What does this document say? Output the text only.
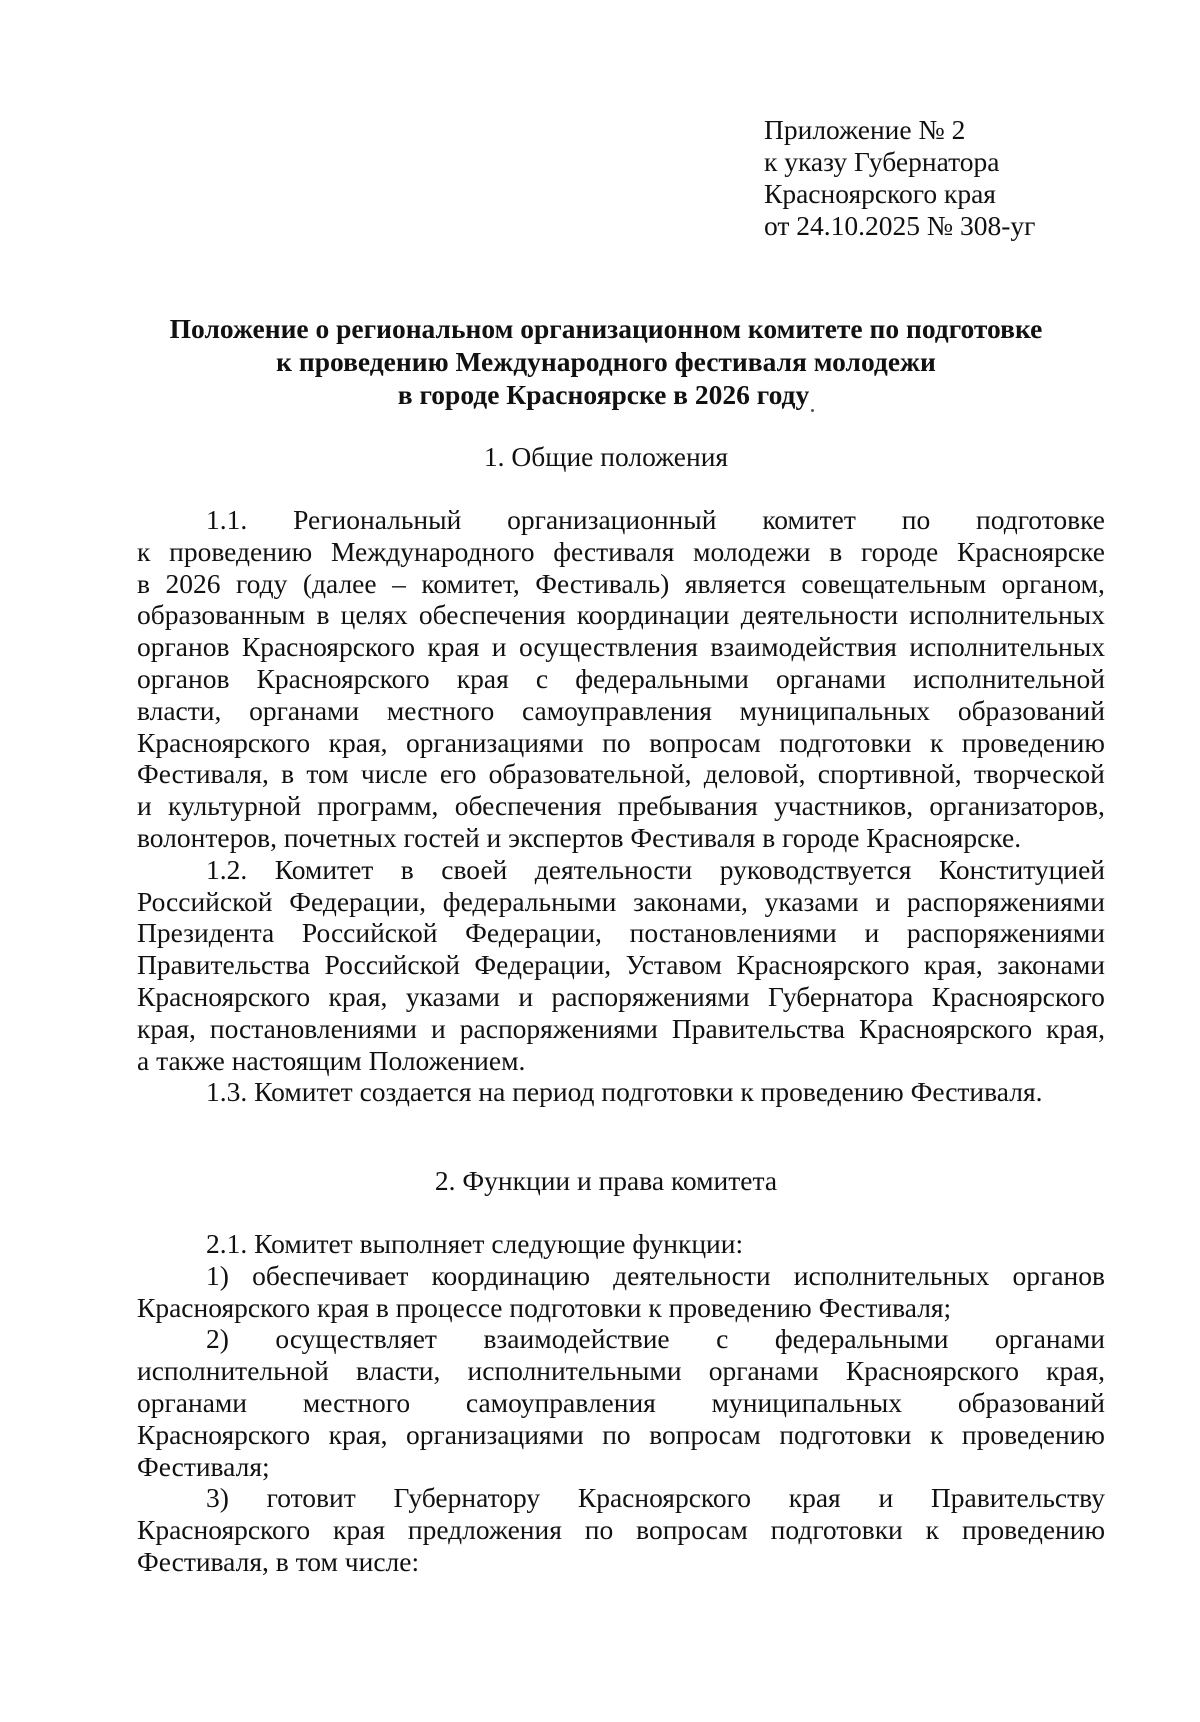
Приложение № 2
к указу Губернатора
Красноярского края
от 24.10.2025 № 308-уг
Положение о региональном организационном комитете по подготовке
к проведению Международного фестиваля молодежи
в городе Красноярске в 2026 году
1. Общие положения
1.1. Региональный организационный комитет по подготовке
к проведению Международного фестиваля молодежи в городе Красноярске
в 2026 году (далее – комитет, Фестиваль) является совещательным органом,
образованным в целях обеспечения координации деятельности исполнительных
органов Красноярского края и осуществления взаимодействия исполнительных
органов Красноярского края с федеральными органами исполнительной
власти, органами местного самоуправления муниципальных образований
Красноярского края, организациями по вопросам подготовки к проведению
Фестиваля, в том числе его образовательной, деловой, спортивной, творческой
и культурной программ, обеспечения пребывания участников, организаторов,
волонтеров, почетных гостей и экспертов Фестиваля в городе Красноярске.
1.2. Комитет в своей деятельности руководствуется Конституцией
Российской Федерации, федеральными законами, указами и распоряжениями
Президента Российской Федерации, постановлениями и распоряжениями
Правительства Российской Федерации, Уставом Красноярского края, законами
Красноярского края, указами и распоряжениями Губернатора Красноярского
края, постановлениями и распоряжениями Правительства Красноярского края,
а также настоящим Положением.
1.3. Комитет создается на период подготовки к проведению Фестиваля.
2. Функции и права комитета
2.1. Комитет выполняет следующие функции:
1) обеспечивает координацию деятельности исполнительных органов
Красноярского края в процессе подготовки к проведению Фестиваля;
2) осуществляет взаимодействие с федеральными органами
исполнительной власти, исполнительными органами Красноярского края,
органами местного самоуправления муниципальных образований
Красноярского края, организациями по вопросам подготовки к проведению
Фестиваля;
3) готовит Губернатору Красноярского края и Правительству
Красноярского края предложения по вопросам подготовки к проведению
Фестиваля, в том числе:
